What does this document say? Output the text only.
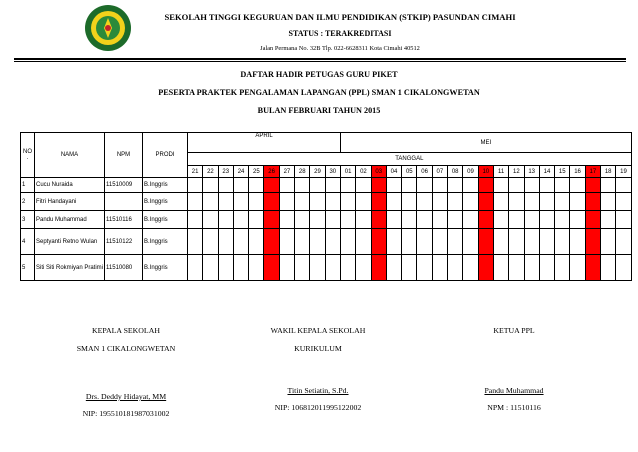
SEKOLAH TINGGI KEGURUAN DAN ILMU PENDIDIKAN (STKIP) PASUNDAN CIMAHI
STATUS : TERAKREDITASI
Jalan Permana No. 32B Tlp. 022-6628311 Kota Cimahi 40512
DAFTAR HADIR PETUGAS GURU PIKET
PESERTA PRAKTEK PENGALAMAN LAPANGAN (PPL) SMAN 1 CIKALONGWETAN
BULAN FEBRUARI TAHUN 2015
NO
.	NAMA	NPM	PRODI	APRIL										MEI																		
				TANGGAL																												
				21	22	23	24	25	26	27	28	29	30	01	02	03	04	05	06	07	08	09	10	11	12	13	14	15	16	17	18	19
1	Cucu Nuraida	11510009	B.Inggris																													
2	Fitri Handayani		B.Inggris																													
3	Pandu Muhammad	11510116	B.Inggris																													
4	Septyanti Retno Wulan	11510122	B.Inggris																													
5	Siti Siti Rokmiyan Pratimi	11510080	B.Inggris																													
KEPALA SEKOLAH
SMAN 1 CIKALONGWETAN
Drs. Deddy Hidayat, MM
NIP: 195510181987031002
WAKIL KEPALA SEKOLAH
KURIKULUM
Titin Setiatin, S.Pd.
NIP: 106812011995122002
KETUA PPL
Pandu Muhammad
NPM : 11510116
